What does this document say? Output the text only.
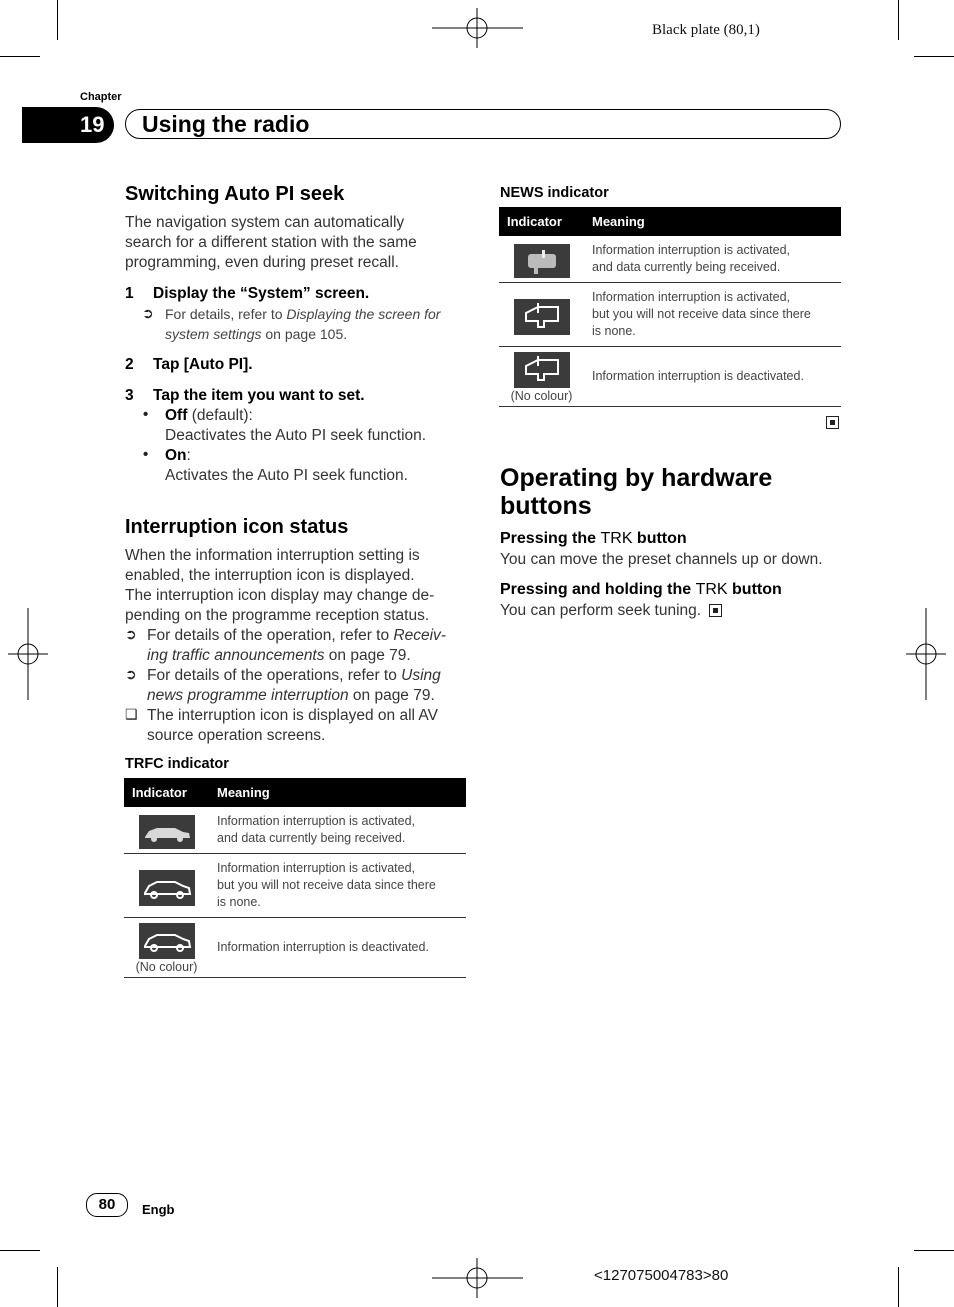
Black plate (80,1)
Chapter
19 Using the radio
Switching Auto PI seek
The navigation system can automatically
search for a different station with the same
programming, even during preset recall.
1 Display the “System” screen.
➲ For details, refer to Displaying the screen for
system settings on page 105.
2 Tap [Auto PI].
3 Tap the item you want to set.
• Off (default):
Deactivates the Auto PI seek function.
• On:
Activates the Auto PI seek function.
Interruption icon status
When the information interruption setting is
enabled, the interruption icon is displayed.
The interruption icon display may change de-
pending on the programme reception status.
➲ For details of the operation, refer to Receiv-
ing traffic announcements on page 79.
➲ For details of the operations, refer to Using
news programme interruption on page 79.
❑ The interruption icon is displayed on all AV
source operation screens.
TRFC indicator
Indicator	Meaning

Information interruption is activated,
and data currently being received.

Information interruption is activated,
but you will not receive data since there
is none.

(No colour)	Information interruption is deactivated.
NEWS indicator
Indicator	Meaning

Information interruption is activated,
and data currently being received.

Information interruption is activated,
but you will not receive data since there
is none.

(No colour)	Information interruption is deactivated.
Operating by hardware
buttons
Pressing the TRK button
You can move the preset channels up or down.
Pressing and holding the TRK button
You can perform seek tuning.
80	Engb
<127075004783>80
